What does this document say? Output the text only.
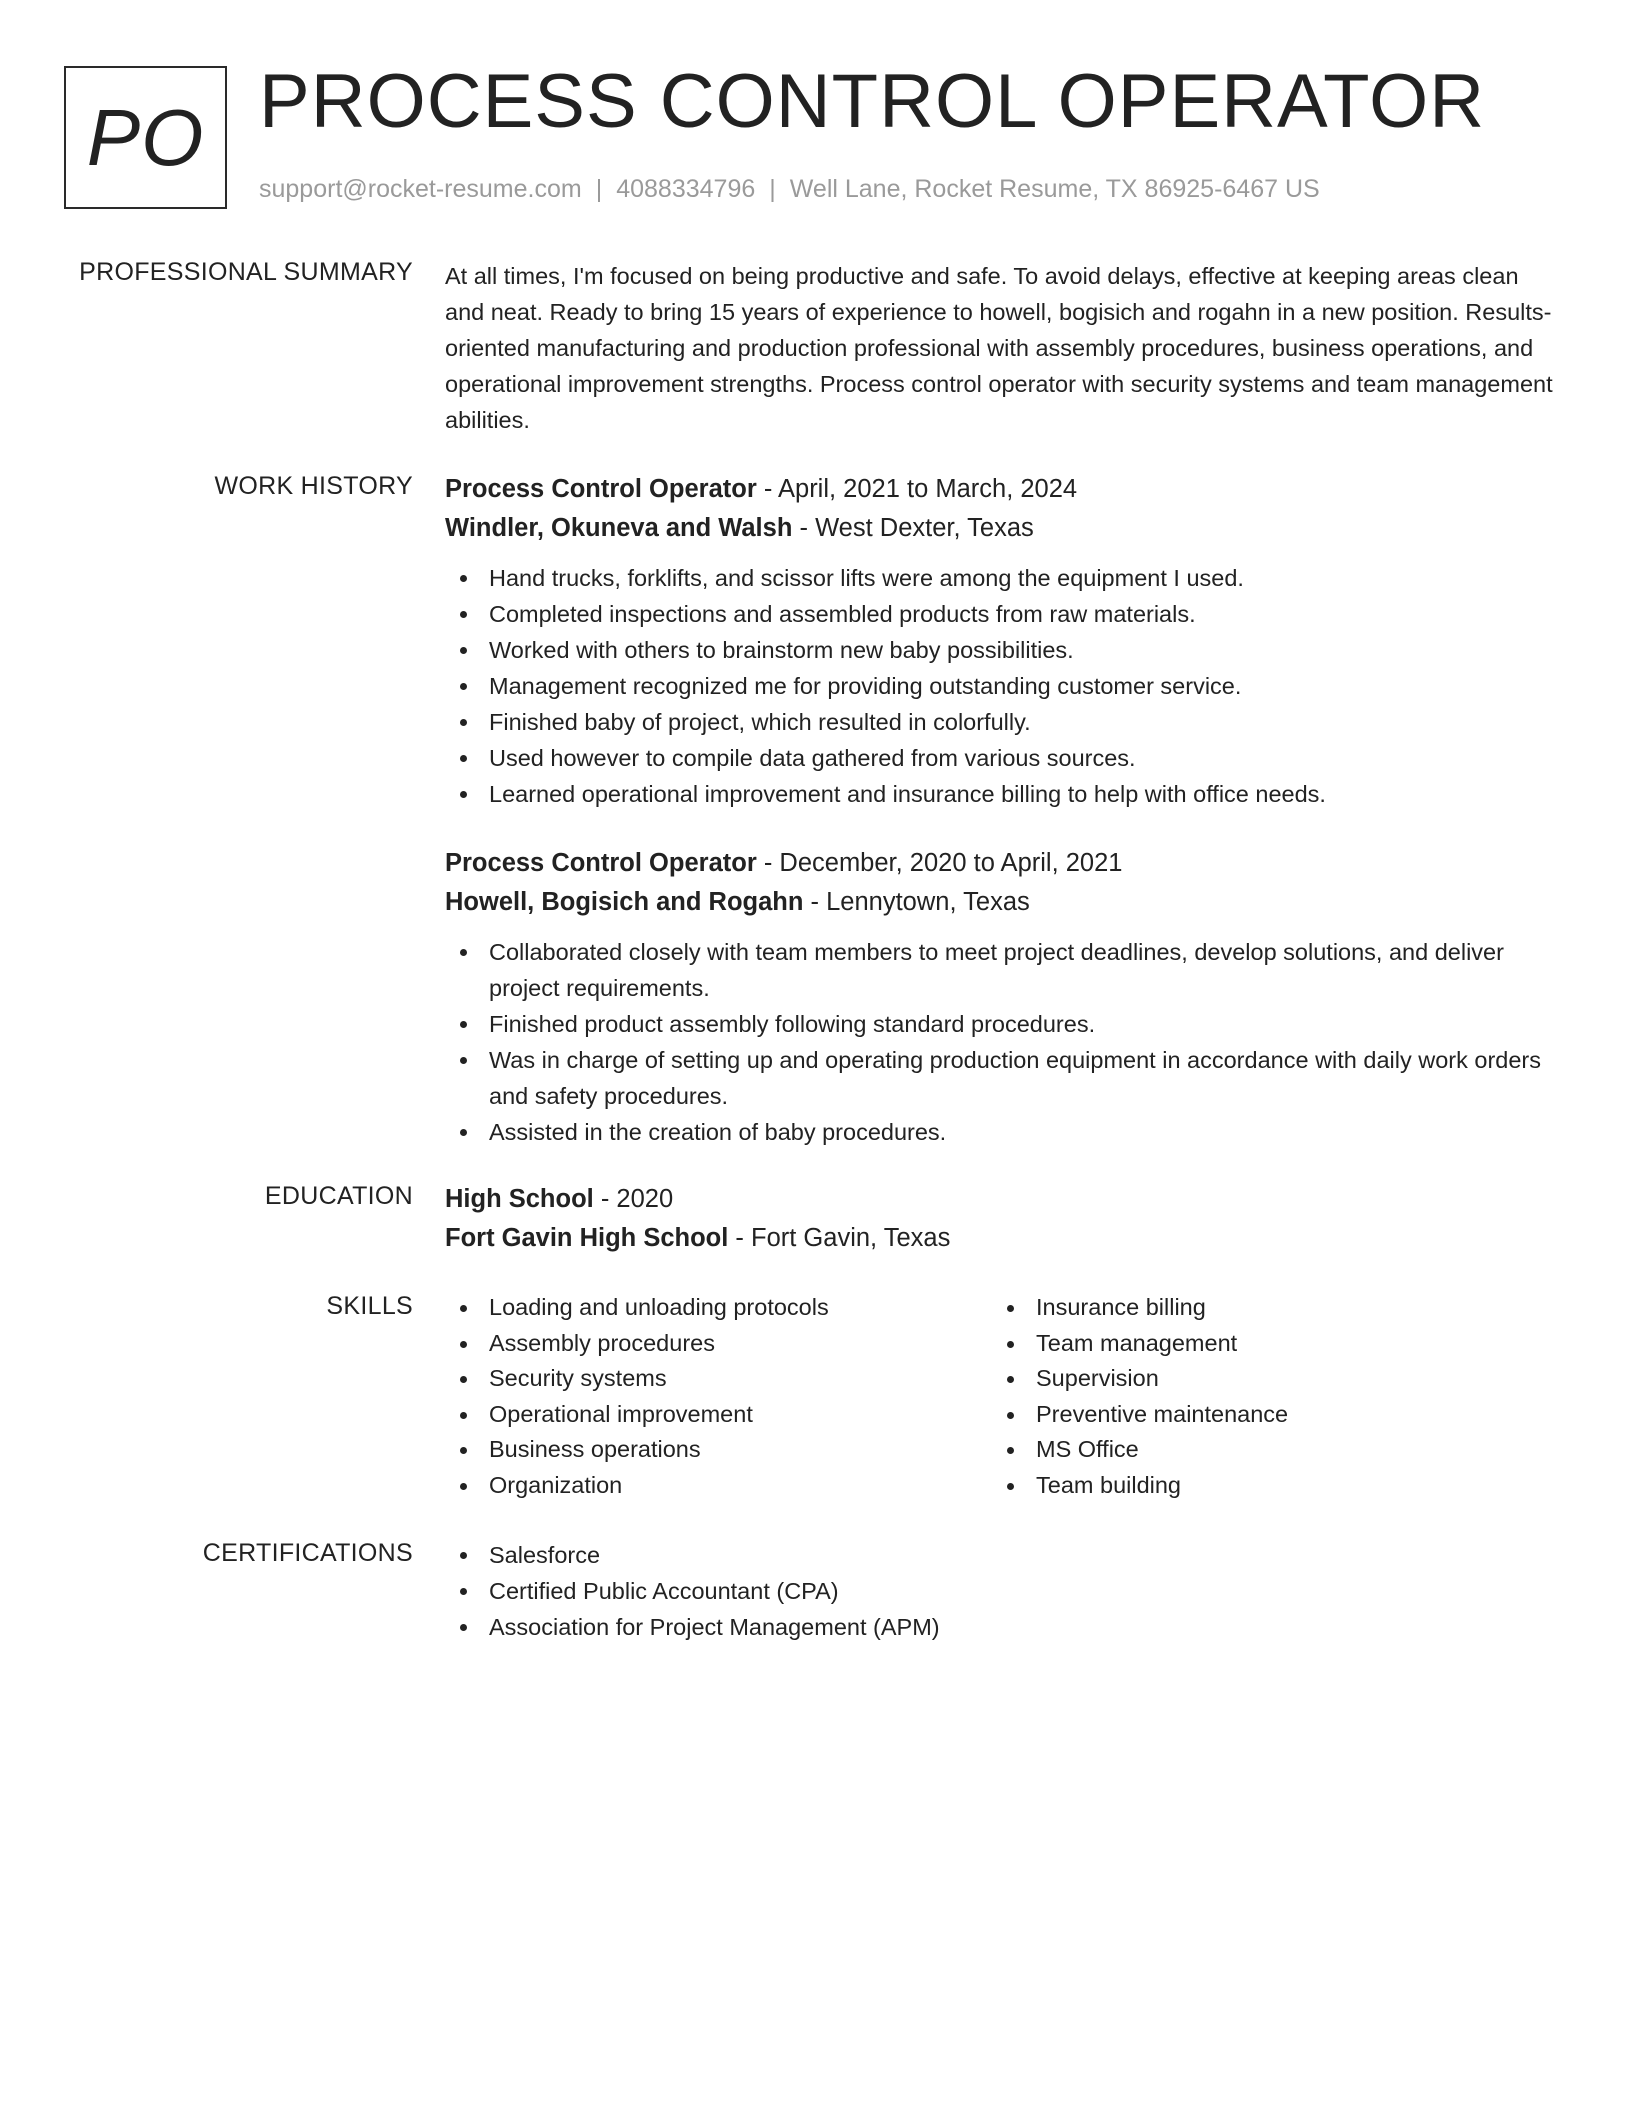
PO PROCESS CONTROL OPERATOR
support@rocket-resume.com | 4088334796 | Well Lane, Rocket Resume, TX 86925-6467 US
PROFESSIONAL SUMMARY At all times, I'm focused on being productive and safe. To avoid delays, effective at keeping areas clean and neat. Ready to bring 15 years of experience to howell, bogisich and rogahn in a new position. Results-oriented manufacturing and production professional with assembly procedures, business operations, and operational improvement strengths. Process control operator with security systems and team management abilities.

WORK HISTORY Process Control Operator - April, 2021 to March, 2024
Windler, Okuneva and Walsh - West Dexter, Texas
Hand trucks, forklifts, and scissor lifts were among the equipment I used.
Completed inspections and assembled products from raw materials.
Worked with others to brainstorm new baby possibilities.
Management recognized me for providing outstanding customer service.
Finished baby of project, which resulted in colorfully.
Used however to compile data gathered from various sources.
Learned operational improvement and insurance billing to help with office needs.
Process Control Operator - December, 2020 to April, 2021
Howell, Bogisich and Rogahn - Lennytown, Texas
Collaborated closely with team members to meet project deadlines, develop solutions, and deliver project requirements.
Finished product assembly following standard procedures.
Was in charge of setting up and operating production equipment in accordance with daily work orders and safety procedures.
Assisted in the creation of baby procedures.
EDUCATION High School - 2020
Fort Gavin High School - Fort Gavin, Texas
SKILLS	Loading and unloading protocols
Assembly procedures
Security systems
Operational improvement
Business operations
Organization
Insurance billing
Team management
Supervision
Preventive maintenance
MS Office
Team building
CERTIFICATIONS	Salesforce
Certified Public Accountant (CPA)
Association for Project Management (APM)
